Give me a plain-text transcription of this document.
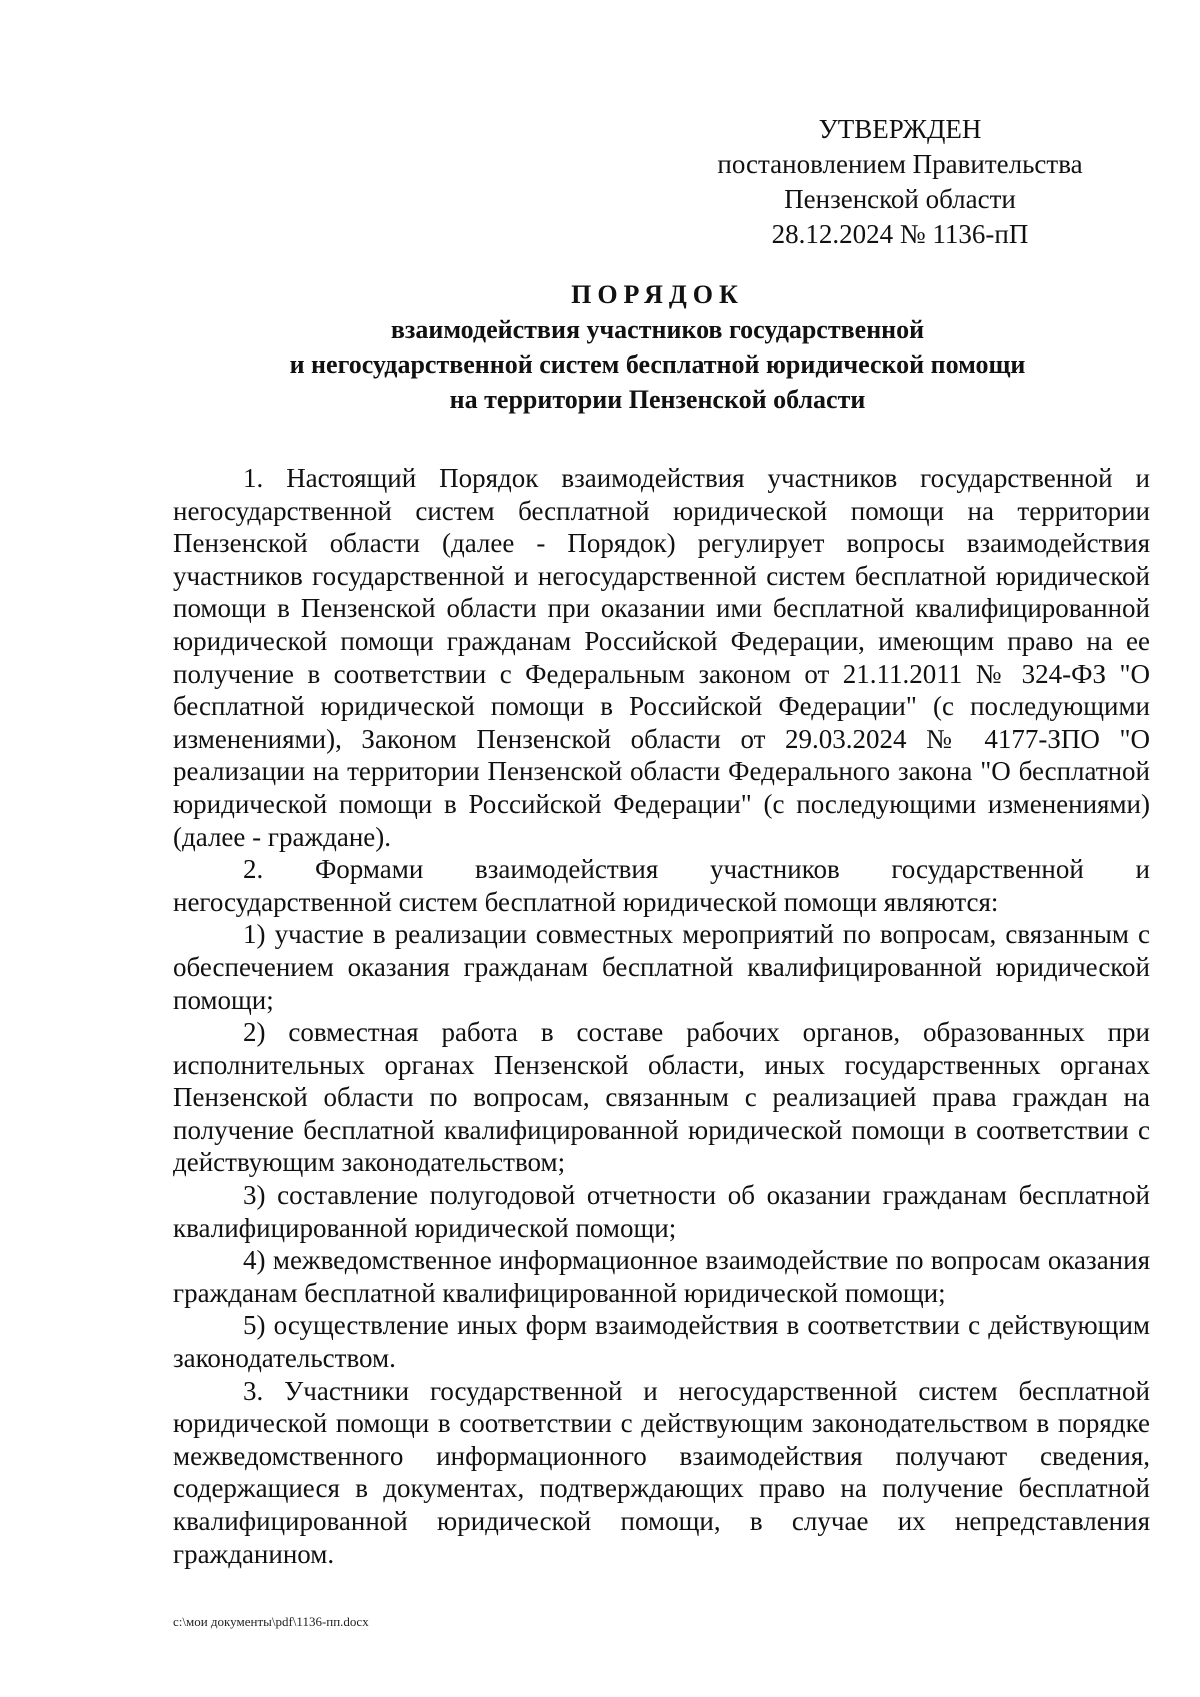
УТВЕРЖДЕН
постановлением Правительства
Пензенской области
28.12.2024 № 1136-пП
ПОРЯДОК
взаимодействия участников государственной
и негосударственной систем бесплатной юридической помощи
на территории Пензенской области

1. Настоящий Порядок взаимодействия участников государственной и негосударственной систем бесплатной юридической помощи на территории Пензенской области (далее - Порядок) регулирует вопросы взаимодействия участников государственной и негосударственной систем бесплатной юридической помощи в Пензенской области при оказании ими бесплатной квалифицированной юридической помощи гражданам Российской Федерации, имеющим право на ее получение в соответствии с Федеральным законом от 21.11.2011 № 324-ФЗ "О бесплатной юридической помощи в Российской Федерации" (с последующими изменениями), Законом Пензенской области от 29.03.2024 № 4177-ЗПО "О реализации на территории Пензенской области Федерального закона "О бесплатной юридической помощи в Российской Федерации" (с последующими изменениями) (далее - граждане).

2. Формами взаимодействия участников государственной и негосударственной систем бесплатной юридической помощи являются:

1) участие в реализации совместных мероприятий по вопросам, связанным с обеспечением оказания гражданам бесплатной квалифицированной юридической помощи;

2) совместная работа в составе рабочих органов, образованных при исполнительных органах Пензенской области, иных государственных органах Пензенской области по вопросам, связанным с реализацией права граждан на получение бесплатной квалифицированной юридической помощи в соответствии с действующим законодательством;

3) составление полугодовой отчетности об оказании гражданам бесплатной квалифицированной юридической помощи;

4) межведомственное информационное взаимодействие по вопросам оказания гражданам бесплатной квалифицированной юридической помощи;

5) осуществление иных форм взаимодействия в соответствии с действующим законодательством.

3. Участники государственной и негосударственной систем бесплатной юридической помощи в соответствии с действующим законодательством в порядке межведомственного информационного взаимодействия получают сведения, содержащиеся в документах, подтверждающих право на получение бесплатной квалифицированной юридической помощи, в случае их непредставления гражданином.

c:\мои документы\pdf\1136-пп.docx
